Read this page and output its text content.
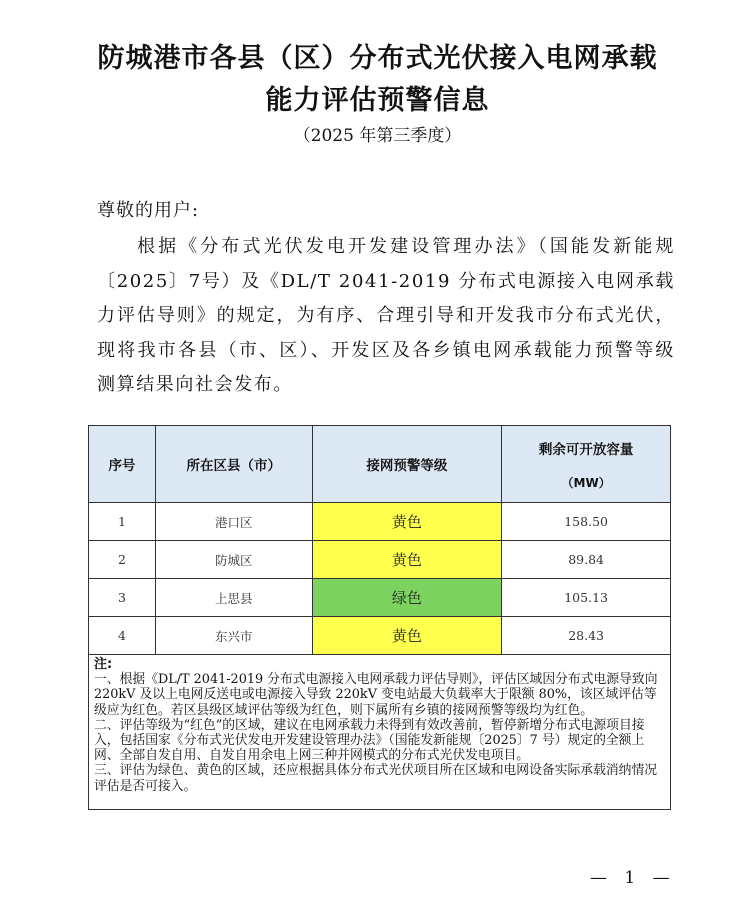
防城港市各县（区）分布式光伏接入电网承载
能力评估预警信息
（2025 年第三季度）
尊敬的用户:
根据《分布式光伏发电开发建设管理办法》（国能发新能规〔2025〕7号）及《DL/T 2041-2019 分布式电源接入电网承载力评估导则》的规定，为有序、合理引导和开发我市分布式光伏，现将我市各县（市、区）、开发区及各乡镇电网承载能力预警等级测算结果向社会发布。
序号	所在区县（市）	接网预警等级	剩余可开放容量
（MW）

1	港口区	黄色	158.50
2	防城区	黄色	89.84
3	上思县	绿色	105.13
4	东兴市	黄色	28.43

注:
一、根据《DL/T 2041-2019 分布式电源接入电网承载力评估导则》，评估区域因分布式电源导致向 220kV 及以上电网反送电或电源接入导致 220kV 变电站最大负载率大于限额 80%，该区域评估等级应为红色。若区县级区域评估等级为红色，则下属所有乡镇的接网预警等级均为红色。
二、评估等级为“红色”的区域，建议在电网承载力未得到有效改善前，暂停新增分布式电源项目接入，包括国家《分布式光伏发电开发建设管理办法》（国能发新能规〔2025〕7 号）规定的全额上网、全部自发自用、自发自用余电上网三种并网模式的分布式光伏发电项目。
三、评估为绿色、黄色的区域，还应根据具体分布式光伏项目所在区域和电网设备实际承载消纳情况评估是否可接入。			
— 1 —
